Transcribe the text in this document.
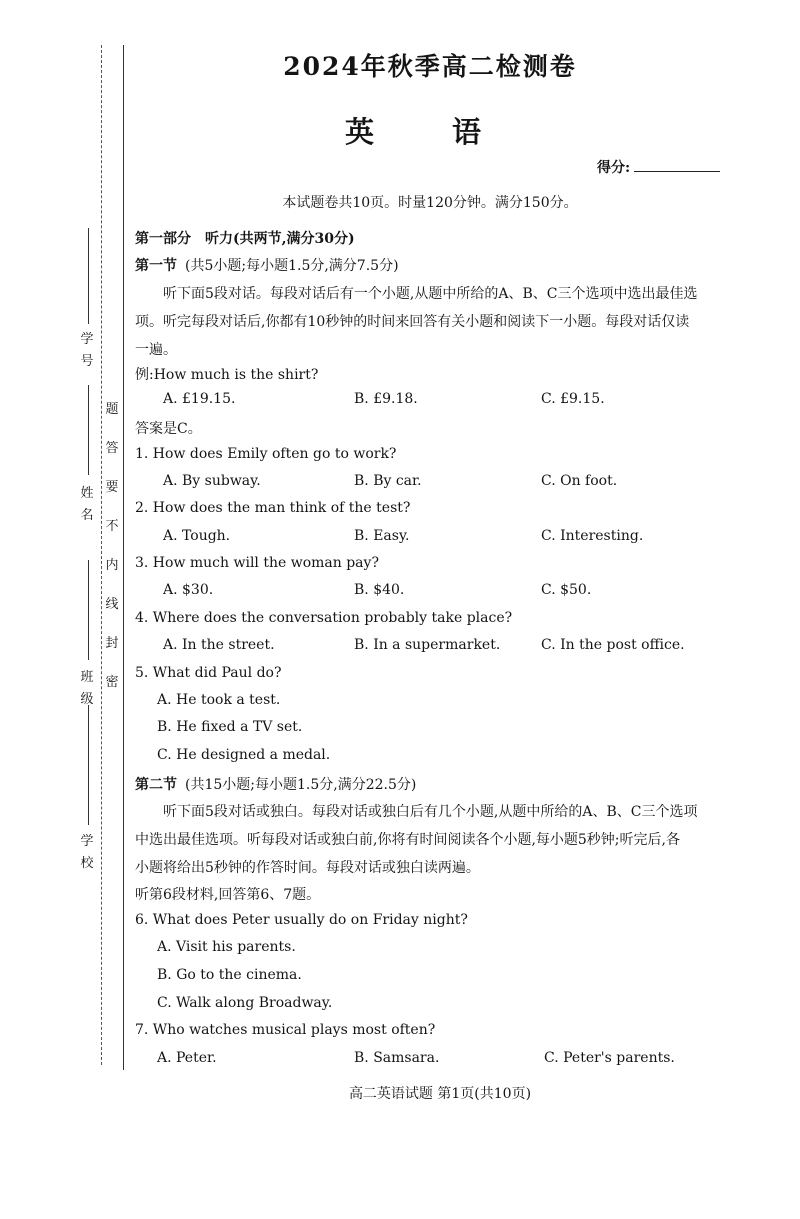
学
号
姓
名
班
级
学
校
题
答
要
不
内
线
封
密
2024年秋季高二检测卷
英 语
得分:
本试题卷共10页。时量120分钟。满分150分。
第一部分　听力(共两节,满分30分)
第一节 (共5小题;每小题1.5分,满分7.5分)
听下面5段对话。每段对话后有一个小题,从题中所给的A、B、C三个选项中选出最佳选
项。听完每段对话后,你都有10秒钟的时间来回答有关小题和阅读下一小题。每段对话仅读
一遍。
例:How much is the shirt?
A. £19.15.	B. £9.18.	C. £9.15.
答案是C。
1. How does Emily often go to work?
A. By subway.	B. By car.	C. On foot.
2. How does the man think of the test?
A. Tough.	B. Easy.	C. Interesting.
3. How much will the woman pay?
A. $30.	B. $40.	C. $50.
4. Where does the conversation probably take place?
A. In the street.	B. In a supermarket.	C. In the post office.
5. What did Paul do?
A. He took a test.
B. He fixed a TV set.
C. He designed a medal.
第二节 (共15小题;每小题1.5分,满分22.5分)
听下面5段对话或独白。每段对话或独白后有几个小题,从题中所给的A、B、C三个选项
中选出最佳选项。听每段对话或独白前,你将有时间阅读各个小题,每小题5秒钟;听完后,各
小题将给出5秒钟的作答时间。每段对话或独白读两遍。
听第6段材料,回答第6、7题。
6. What does Peter usually do on Friday night?
A. Visit his parents.
B. Go to the cinema.
C. Walk along Broadway.
7. Who watches musical plays most often?
A. Peter.	B. Samsara.	C. Peter's parents.
高二英语试题 第1页(共10页)
